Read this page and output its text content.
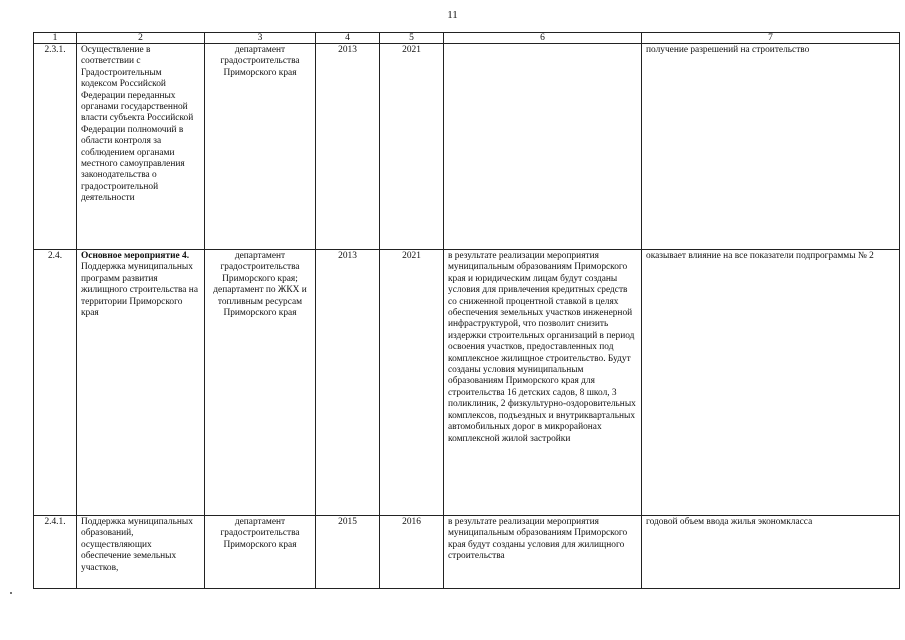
11
1	2	3	4	5	6	7
2.3.1.	Осуществление в соответствии с Градостроительным кодексом Российской Федерации переданных органами государственной власти субъекта Российской Федерации полномочий в области контроля за соблюдением органами местного самоуправления законодательства о градостроительной деятельности	департамент градостроительства Приморского края	2013	2021		получение разрешений на строительство
2.4.	Основное мероприятие 4. Поддержка муниципальных программ развития жилищного строительства на территории Приморского края	департамент градостроительства Приморского края; департамент по ЖКХ и топливным ресурсам Приморского края	2013	2021	в результате реализации мероприятия муниципальным образованиям Приморского края и юридическим лицам будут созданы условия для привлечения кредитных средств со сниженной процентной ставкой в целях обеспечения земельных участков инженерной инфраструктурой, что позволит снизить издержки строительных организаций в период освоения участков, предоставленных под комплексное жилищное строительство. Будут созданы условия муниципальным образованиям Приморского края для строительства 16 детских садов, 8 школ, 3 поликлиник, 2 физкультурно-оздоровительных комплексов, подъездных и внутриквартальных автомобильных дорог в микрорайонах комплексной жилой застройки	оказывает влияние на все показатели подпрограммы № 2
2.4.1.	Поддержка муниципальных образований, осуществляющих обеспечение земельных участков,	департамент градостроительства Приморского края	2015	2016	в результате реализации мероприятия муниципальным образованиям Приморского края будут созданы условия для жилищного строительства	годовой объем ввода жилья экономкласса
